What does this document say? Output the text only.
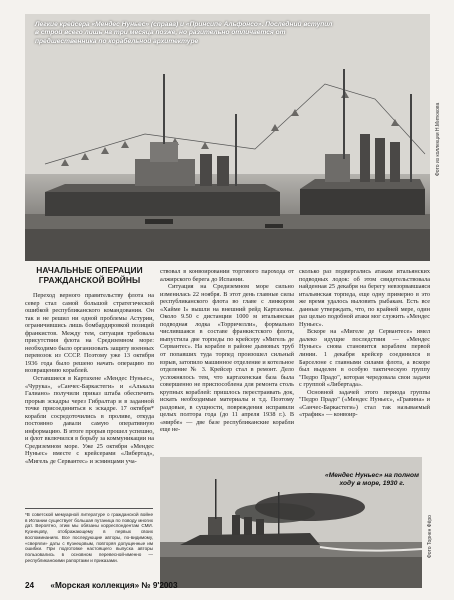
Легкие крейсера «Мендес Нуньес» (справа) и «Принсипе Альфонсо». Последний вступил в строй всего лишь на три месяца позже, но разительно отличается от предшественника по корабельной архитектуре
Фото из коллекции Н.Митюкова
НАЧАЛЬНЫЕ ОПЕРАЦИИ ГРАЖДАНСКОЙ ВОЙНЫ

Переход верного правительству флота на север стал самой большой стратегической ошибкой республиканского командования. Он так и не решил ни одной проблемы Астурии, ограничившись лишь бомбардировкой позиций франкистов. Между тем, ситуация требовала присутствия флота на Средиземном море: необходимо было организовать защиту военных перевозок из СССР. Поэтому уже 13 октября 1936 года было решено начать операцию по возвращению кораблей.

Оставшиеся в Картахене «Мендес Нуньес», «Чурука», «Санчес-Баркастеги» и «Алькала Галиано» получили приказ штаба обеспечить прорыв эскадры через Гибралтар и в заданной точке присоединиться к эскадре. 17 октября* корабли сосредоточились в проливе, откуда постоянно давали самую оперативную информацию. В итоге прорыв прошел успешно, и флот включился в борьбу за коммуникации на Средиземном море. Уже 25 октября «Мендес Нуньес» вместе с крейсерами «Либертад», «Мигель де Сервантес» и эсминцами уча-

ствовал в конвоировании торгового парохода от алжирского берега до Испании.

Ситуация на Средиземном море сильно изменилась 22 ноября. В этот день главные силы республиканского флота во главе с линкором «Хайме I» вышли на внешний рейд Картахены. Около 9.50 с дистанции 1000 м итальянская подводная лодка «Торричелли», формально числившаяся в составе франкистского флота, выпустила две торпеды по крейсеру «Мигель де Сервантес». На корабле в районе дымовых труб от попавших туда торпед произошел сильный взрыв, затопило машинное отделение и котельное отделение № 3. Крейсер стал в ремонт. Дело усложнялось тем, что картахенская база была совершенно не приспособлена для ремонта столь крупных кораблей: пришлось перестраивать док, искать необходимые материалы и т.д. Поэтому раздовые, в сущности, повреждения исправили целых полтора года (до 11 апреля 1938 г.). В «мирбе» — две базе республиканские корабли еще не-

сколько раз подвергались атакам итальянских подводных лодок: об этом свидетельствовала найденная 25 декабря на берегу невзорвавшаяся итальянская торпеда, еще одну примерно в это же время удалось выловить рыбакам. Есть все данные утверждать, что, по крайней мере, один раз целью подобной атаки мог служить «Мендес Нуньес».

Вскоре на «Мигеле де Сервантесе» имел далеко идущие последствия — «Мендес Нуньес» снова становится кораблем первой линии. 1 декабря крейсер соединился в Барселоне с главными силами флота, а вскоре был выделен в особую тактическую группу "Педро Прадо", которая чередовала свои задачи с группой «Либертада».

Основной задачей этого периода группы "Педро Прадо" («Мендес Нуньес», «Гравина» и «Санчес-Баркастеги») стал так называемый «трафик» — конвоир-

«Мендес Нуньес» на полном ходу в море, 1930 г.
Фото Торнен Фёро
*В советской мемуарной литературе о гражданской войне в Испании существует большая путаница по поводу многих дат. Вероятно, этим мы обязаны корреспондентам СМИ. Кузнецову, отображающему в первых своих воспоминаниях. Все последующие авторы, по-видимому, «сверяли» даты с Кузнецовым, повторяя допущенные им ошибки. При подготовке настоящего выпуска авторы пользовались в основном перевесной-именно — республиканскими рапортами и приказами.
24 «Морская коллекция» № 9'2003
